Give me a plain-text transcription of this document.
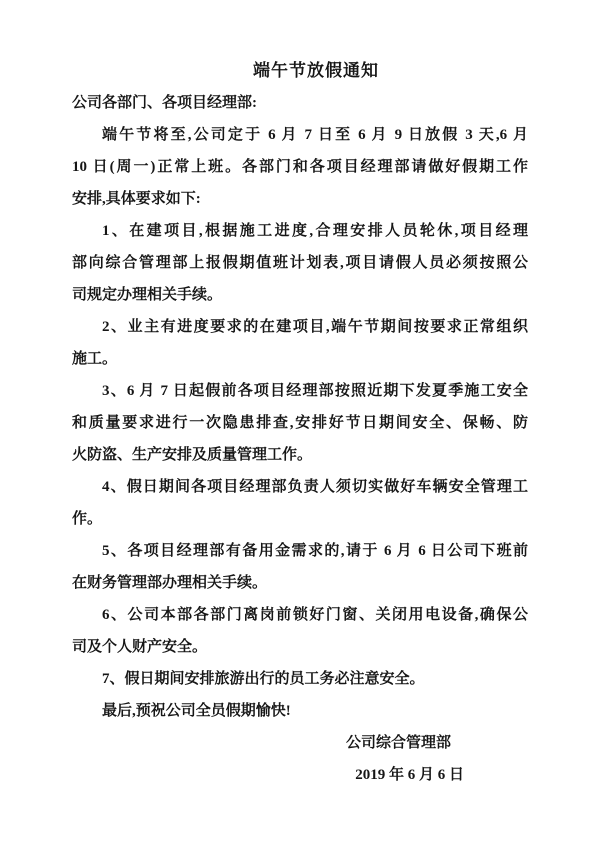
端午节放假通知
公司各部门、各项目经理部:
端午节将至,公司定于 6 月 7 日至 6 月 9 日放假 3 天,6 月
10 日(周一)正常上班。各部门和各项目经理部请做好假期工作
安排,具体要求如下:
1、在建项目,根据施工进度,合理安排人员轮休,项目经理
部向综合管理部上报假期值班计划表,项目请假人员必须按照公
司规定办理相关手续。
2、业主有进度要求的在建项目,端午节期间按要求正常组织
施工。
3、6 月 7 日起假前各项目经理部按照近期下发夏季施工安全
和质量要求进行一次隐患排查,安排好节日期间安全、保畅、防
火防盗、生产安排及质量管理工作。
4、假日期间各项目经理部负责人须切实做好车辆安全管理工
作。
5、各项目经理部有备用金需求的,请于 6 月 6 日公司下班前
在财务管理部办理相关手续。
6、公司本部各部门离岗前锁好门窗、关闭用电设备,确保公
司及个人财产安全。
7、假日期间安排旅游出行的员工务必注意安全。
最后,预祝公司全员假期愉快!
公司综合管理部
2019 年 6 月 6 日
